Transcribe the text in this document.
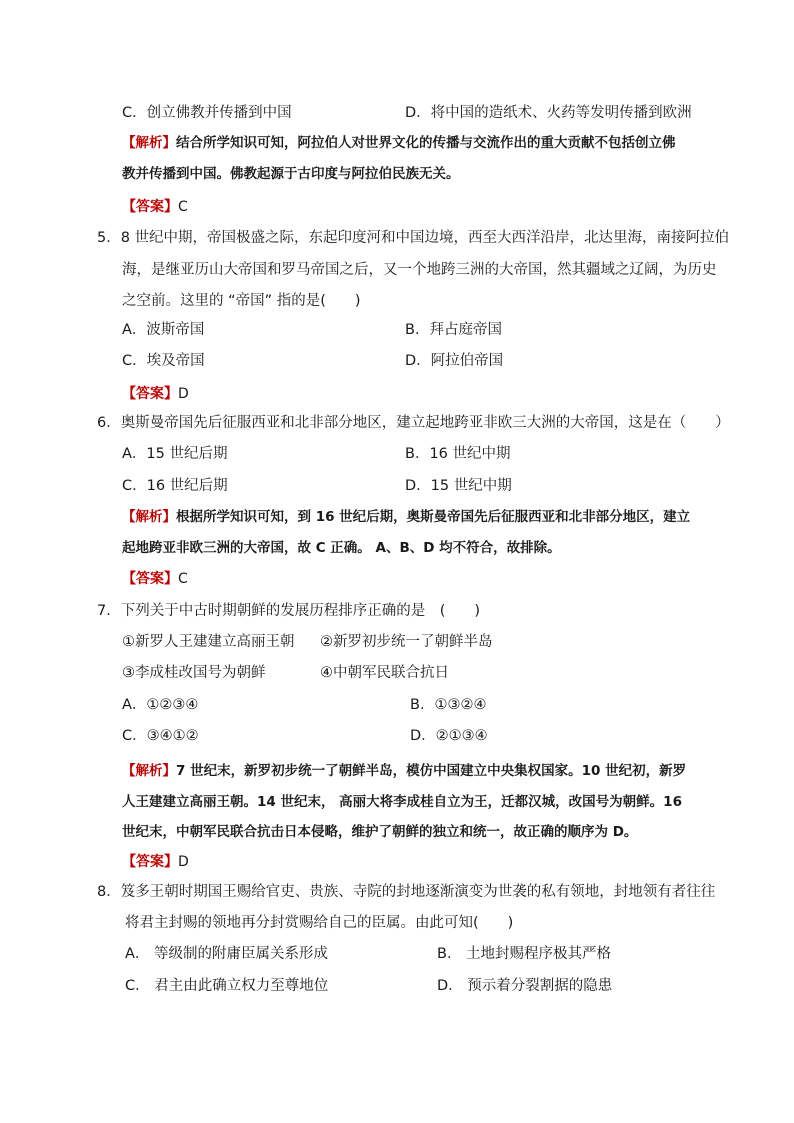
C．创立佛教并传播到中国	D．将中国的造纸术、火药等发明传播到欧洲
【解析】结合所学知识可知，阿拉伯人对世界文化的传播与交流作出的重大贡献不包括创立佛
教并传播到中国。佛教起源于古印度与阿拉伯民族无关。
【答案】C
5．8 世纪中期，帝国极盛之际，东起印度河和中国边境，西至大西洋沿岸，北达里海，南接阿拉伯
海，是继亚历山大帝国和罗马帝国之后，又一个地跨三洲的大帝国，然其疆域之辽阔，为历史
之空前。这里的 “帝国” 指的是(　　)
A．波斯帝国	B．拜占庭帝国
C．埃及帝国	D．阿拉伯帝国
【答案】D
6．奥斯曼帝国先后征服西亚和北非部分地区，建立起地跨亚非欧三大洲的大帝国，这是在（　　）
A．15 世纪后期	B．16 世纪中期
C．16 世纪后期	D．15 世纪中期
【解析】根据所学知识可知，到 16 世纪后期，奥斯曼帝国先后征服西亚和北非部分地区，建立
起地跨亚非欧三洲的大帝国，故 C 正确。 A、B、D 均不符合，故排除。
【答案】C
7．下列关于中古时期朝鲜的发展历程排序正确的是　(　　)
①新罗人王建建立高丽王朝 ②新罗初步统一了朝鲜半岛
③李成桂改国号为朝鲜	④中朝军民联合抗日
A．①②③④	B．①③②④
C．③④①②	D．②①③④
【解析】7 世纪末，新罗初步统一了朝鲜半岛，模仿中国建立中央集权国家。10 世纪初，新罗
人王建建立高丽王朝。14 世纪末， 高丽大将李成桂自立为王，迁都汉城，改国号为朝鲜。16
世纪末，中朝军民联合抗击日本侵略，维护了朝鲜的独立和统一，故正确的顺序为 D。
【答案】D
8．笈多王朝时期国王赐给官吏、贵族、寺院的封地逐渐演变为世袭的私有领地，封地领有者往往
将君主封赐的领地再分封赏赐给自己的臣属。由此可知(　　)
A． 等级制的附庸臣属关系形成	B． 土地封赐程序极其严格
C． 君主由此确立权力至尊地位	D． 预示着分裂割据的隐患
